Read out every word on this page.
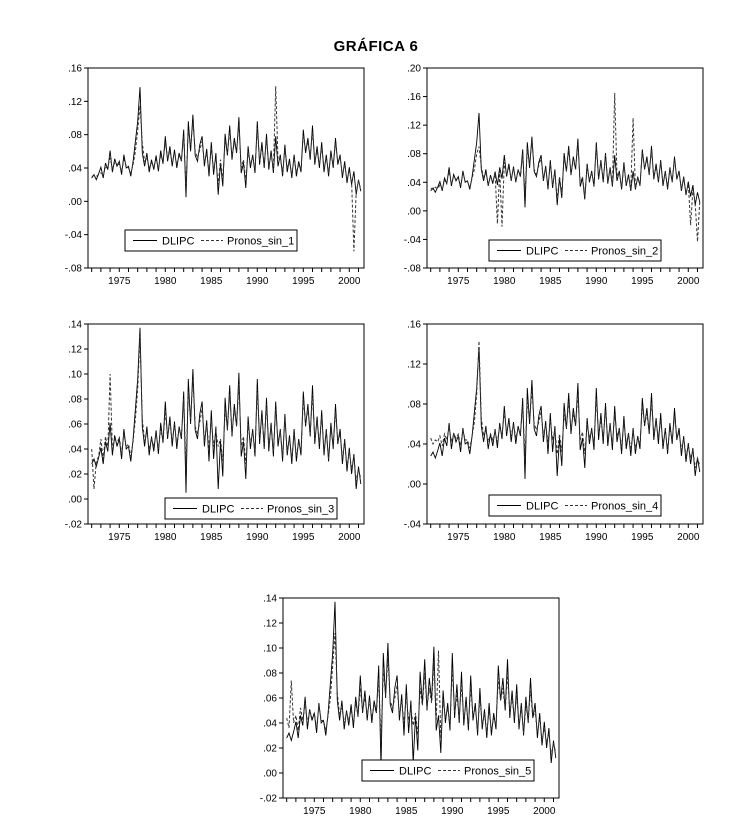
GRÁFICA 6
.16
.12
.08
.04
.00
-.04
-.08
1975 1980 1985 1990 1995 2000
DLIPC	Pronos_sin_1
.20
.16
.12
.08
.04
.00
-.04
-.08
1975 1980 1985 1990 1995 2000
DLIPC	Pronos_sin_2
.14
.12
.10
.08
.06
.04
.02
.00
-.02
1975 1980 1985 1990 1995 2000
DLIPC	Pronos_sin_3
.16
.12
.08
.04
.00
-.04
1975 1980 1985 1990 1995 2000
DLIPC	Pronos_sin_4
.14
.12
.10
.08
.06
.04
.02
.00
-.02
1975 1980 1985 1990 1995 2000
DLIPC	Pronos_sin_5
